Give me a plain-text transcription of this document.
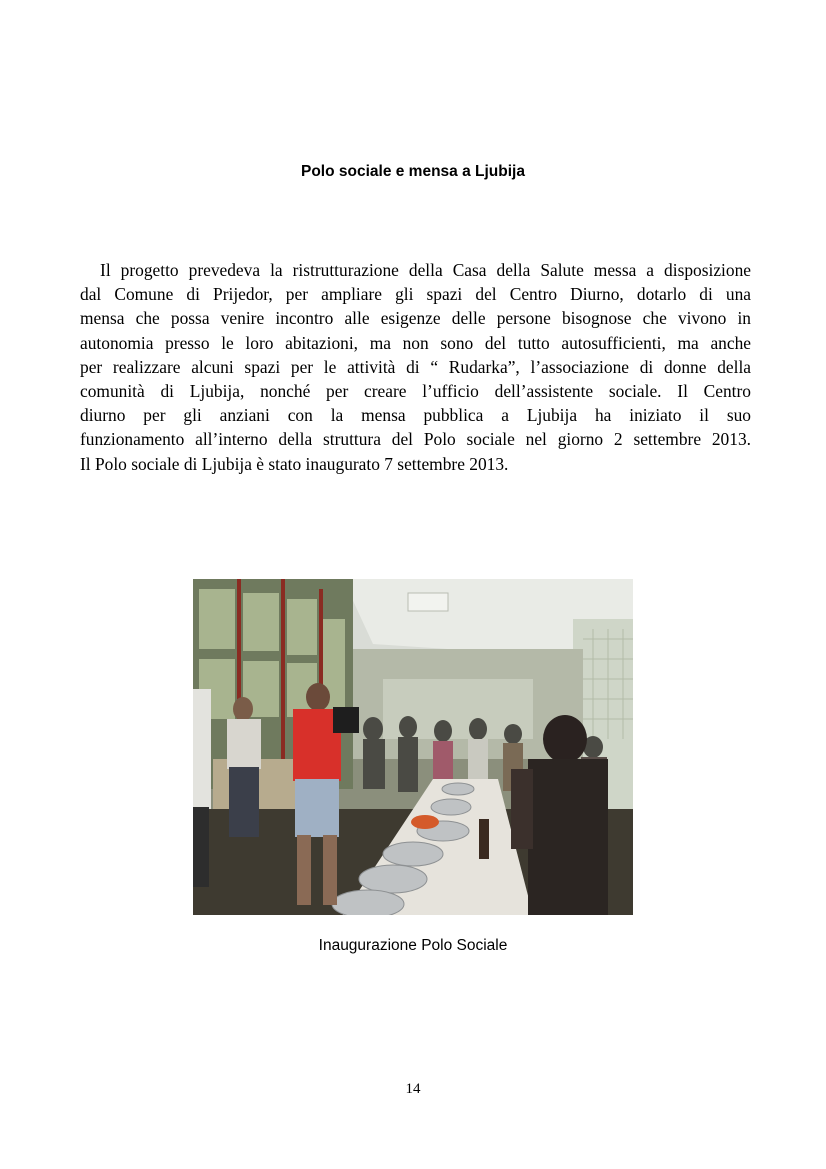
Polo sociale e mensa a Ljubija
Il progetto prevedeva la ristrutturazione della Casa della Salute messa a disposizione
dal Comune di Prijedor, per ampliare gli spazi del Centro Diurno, dotarlo di una
mensa che possa venire incontro alle esigenze delle persone bisognose che vivono in
autonomia presso le loro abitazioni, ma non sono del tutto autosufficienti, ma anche
per realizzare alcuni spazi per le attività di “ Rudarka”, l’associazione di donne della
comunità di Ljubija, nonché per creare l’ufficio dell’assistente sociale. Il Centro
diurno per gli anziani con la mensa pubblica a Ljubija ha iniziato il suo
funzionamento all’interno della struttura del Polo sociale nel giorno 2 settembre 2013.
Il Polo sociale di Ljubija è stato inaugurato 7 settembre 2013.

Inaugurazione Polo Sociale

14
